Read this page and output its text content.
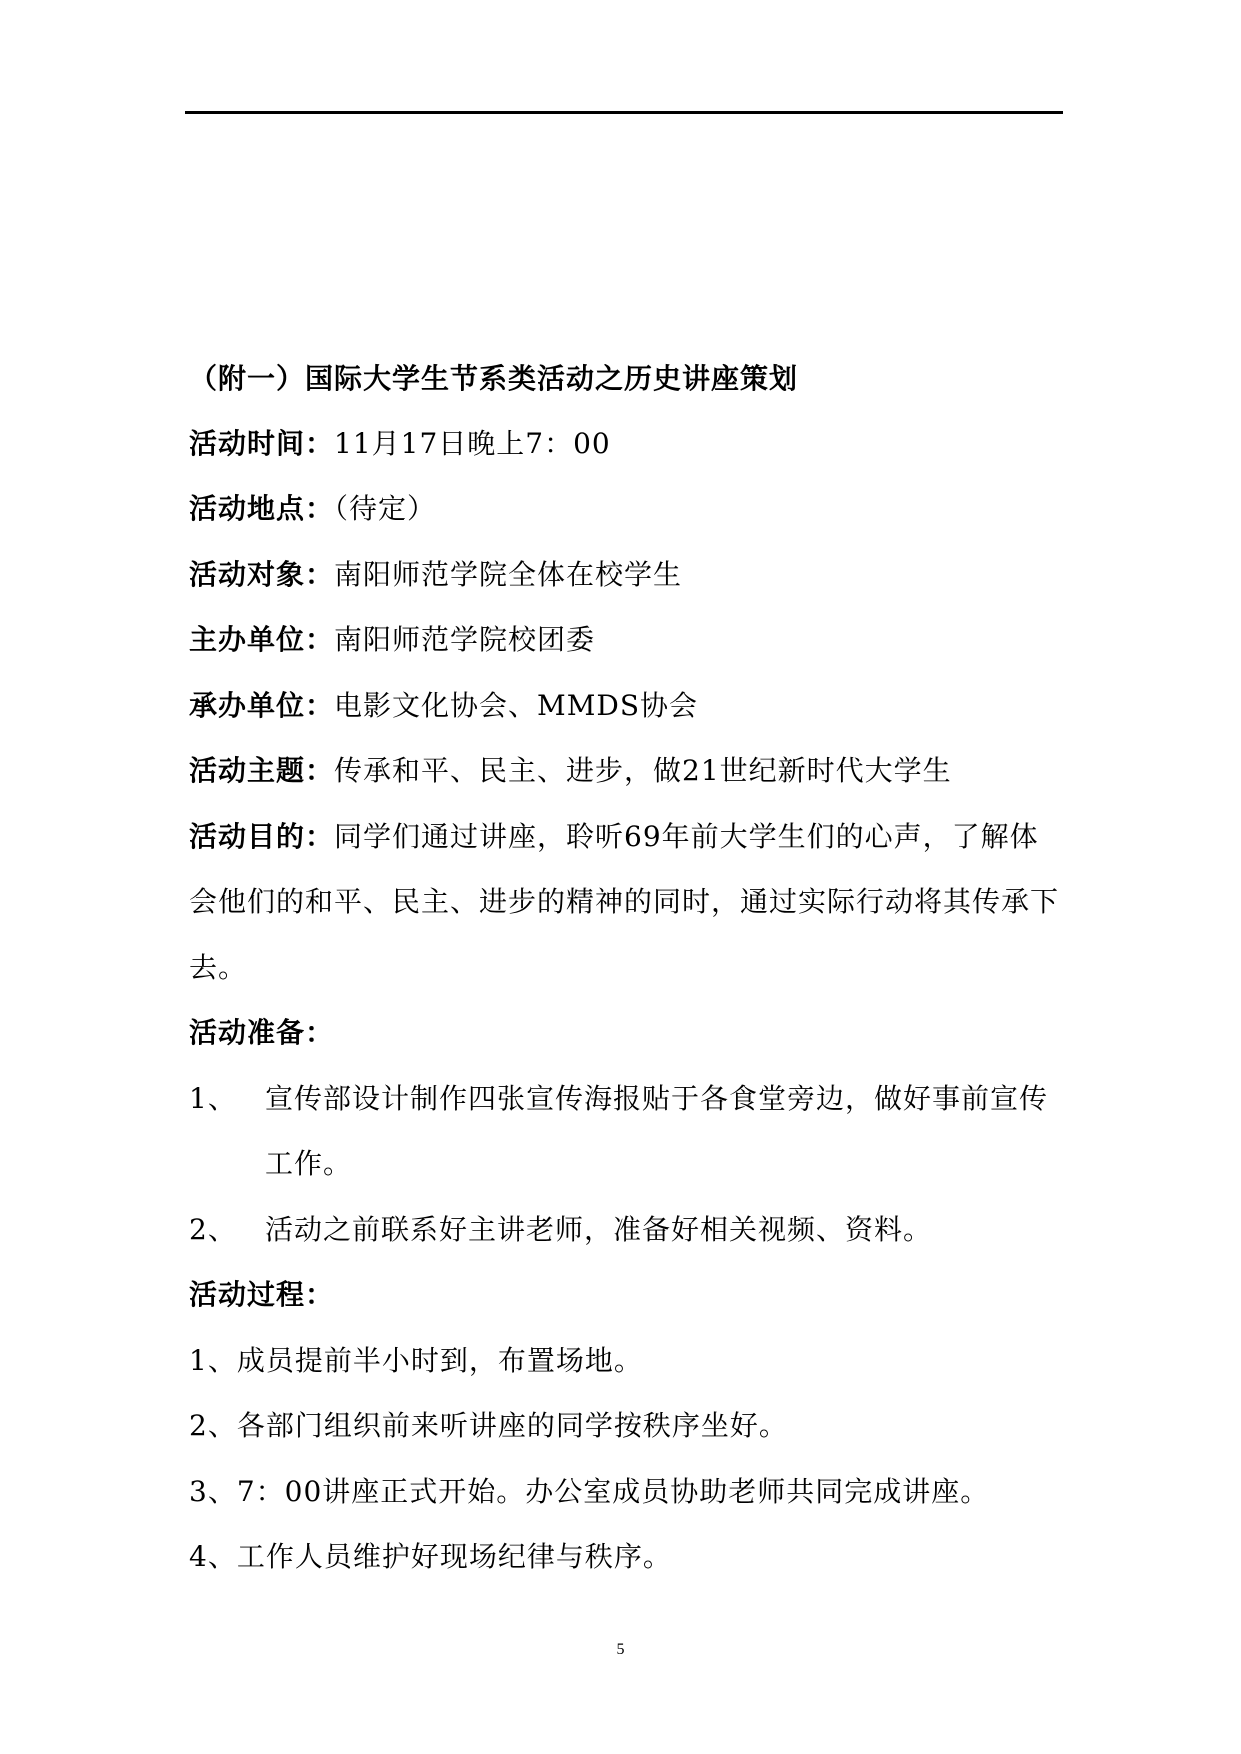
（附一）国际大学生节系类活动之历史讲座策划
活动时间：11月17日晚上7：00
活动地点：（待定）
活动对象：南阳师范学院全体在校学生
主办单位：南阳师范学院校团委
承办单位：电影文化协会、MMDS协会
活动主题：传承和平、民主、进步，做21世纪新时代大学生
活动目的：同学们通过讲座，聆听69年前大学生们的心声，了解体
会他们的和平、民主、进步的精神的同时，通过实际行动将其传承下
去。
活动准备：
1、 宣传部设计制作四张宣传海报贴于各食堂旁边，做好事前宣传
工作。
2、 活动之前联系好主讲老师，准备好相关视频、资料。
活动过程：
1、成员提前半小时到，布置场地。
2、各部门组织前来听讲座的同学按秩序坐好。
3、7：00讲座正式开始。办公室成员协助老师共同完成讲座。
4、工作人员维护好现场纪律与秩序。
5
